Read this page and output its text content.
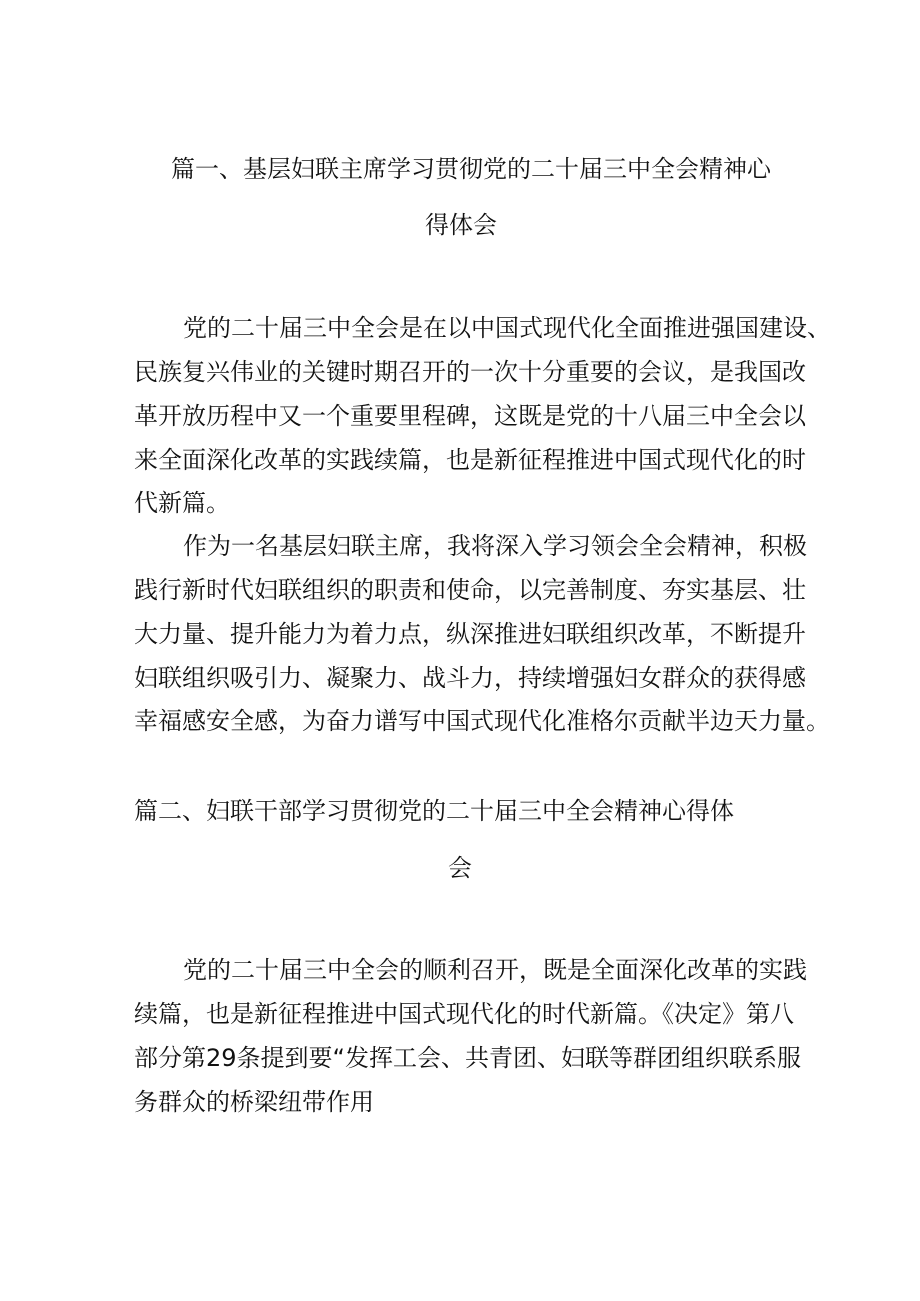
篇一、基层妇联主席学习贯彻党的二十届三中全会精神心
得体会
党的二十届三中全会是在以中国式现代化全面推进强国建设、
民族复兴伟业的关键时期召开的一次十分重要的会议，是我国改
革开放历程中又一个重要里程碑，这既是党的十八届三中全会以
来全面深化改革的实践续篇，也是新征程推进中国式现代化的时
代新篇。
作为一名基层妇联主席，我将深入学习领会全会精神，积极
践行新时代妇联组织的职责和使命，以完善制度、夯实基层、壮
大力量、提升能力为着力点，纵深推进妇联组织改革，不断提升
妇联组织吸引力、凝聚力、战斗力，持续增强妇女群众的获得感
幸福感安全感，为奋力谱写中国式现代化准格尔贡献半边天力量。
篇二、妇联干部学习贯彻党的二十届三中全会精神心得体
会
党的二十届三中全会的顺利召开，既是全面深化改革的实践
续篇，也是新征程推进中国式现代化的时代新篇。《决定》第八
部分第29条提到要“发挥工会、共青团、妇联等群团组织联系服
务群众的桥梁纽带作用
